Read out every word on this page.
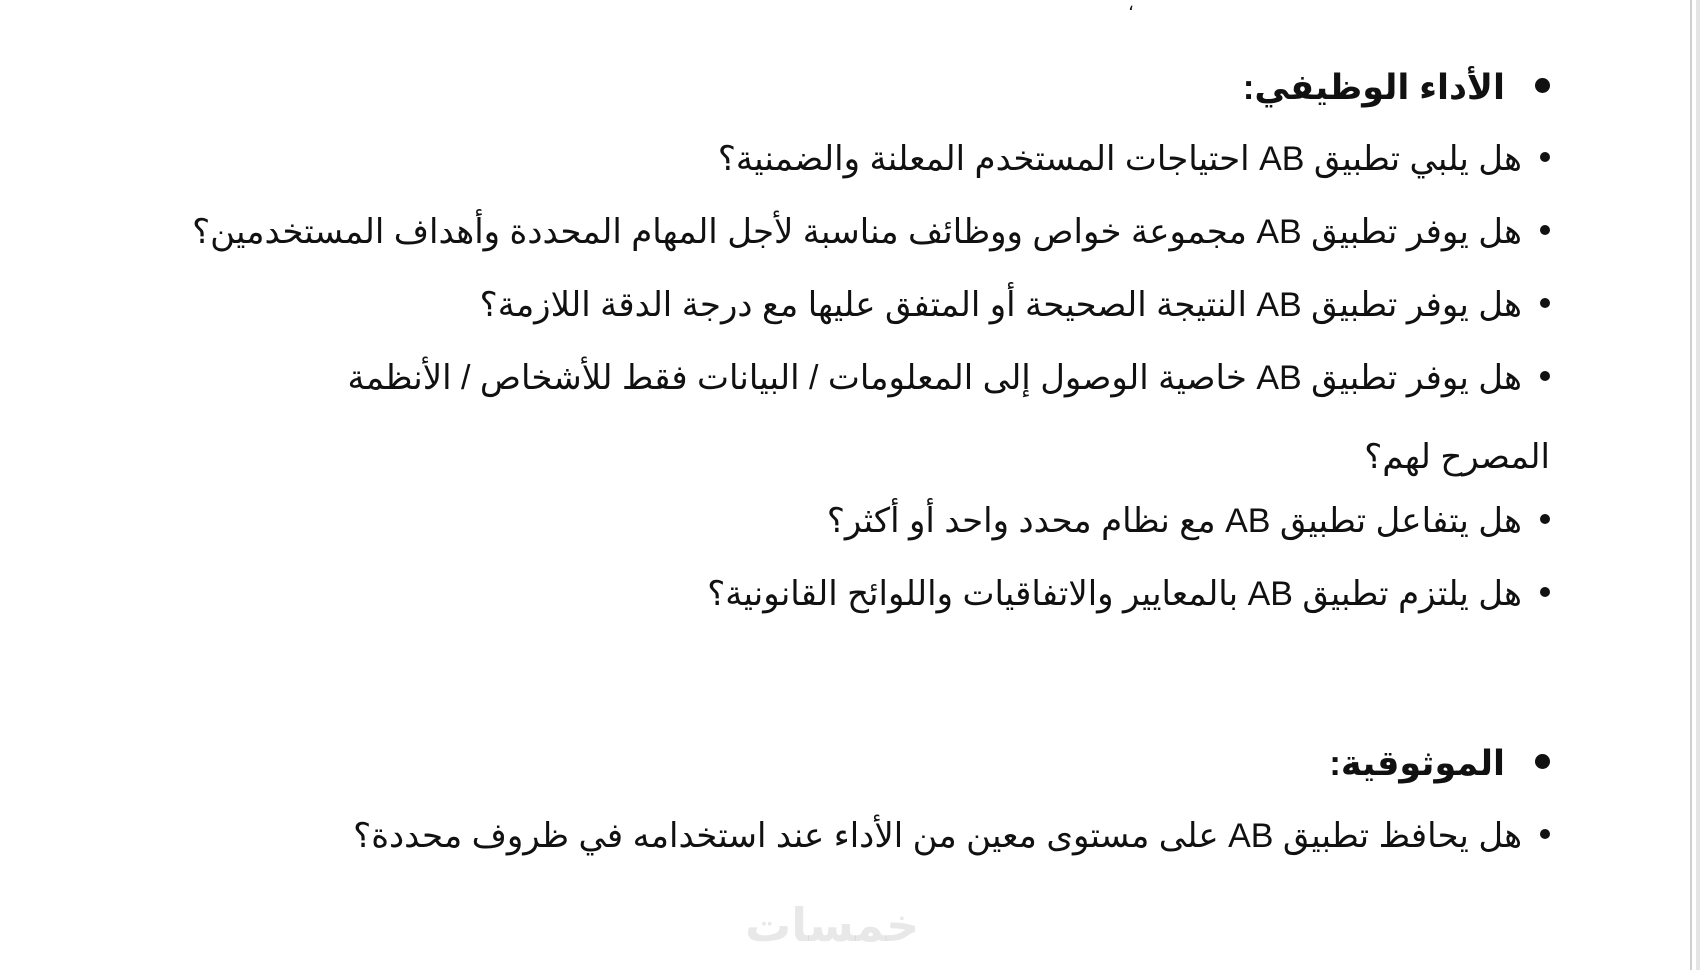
،
الأداء الوظيفي:
هل يلبي تطبيق AB احتياجات المستخدم المعلنة والضمنية؟
هل يوفر تطبيق AB مجموعة خواص ووظائف مناسبة لأجل المهام المحددة وأهداف المستخدمين؟
هل يوفر تطبيق AB النتيجة الصحيحة أو المتفق عليها مع درجة الدقة اللازمة؟
هل يوفر تطبيق AB خاصية الوصول إلى المعلومات / البيانات فقط للأشخاص / الأنظمة المصرح لهم؟
هل يتفاعل تطبيق AB مع نظام محدد واحد أو أكثر؟
هل يلتزم تطبيق AB بالمعايير والاتفاقيات واللوائح القانونية؟
الموثوقية:
هل يحافظ تطبيق AB على مستوى معين من الأداء عند استخدامه في ظروف محددة؟
خمسات
